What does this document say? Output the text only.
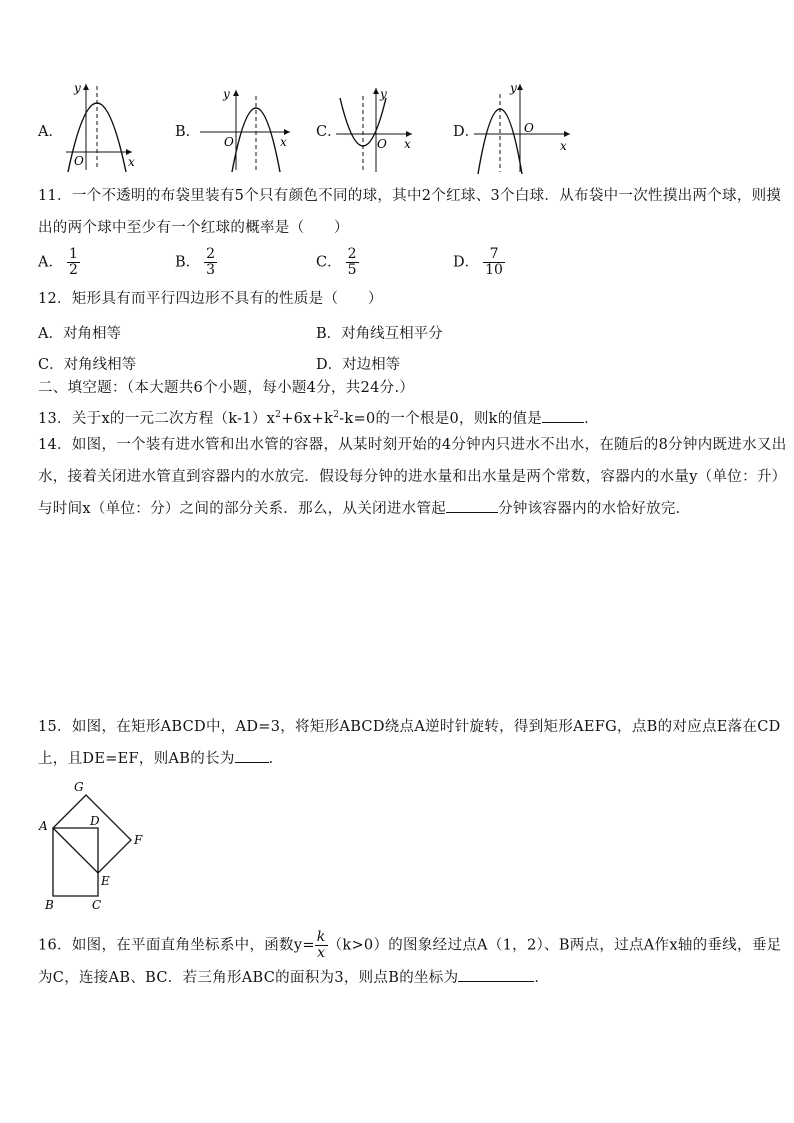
A．
y
O	x
B．
y
O	x
C．
y
O x
D．
y
O
x
11．一个不透明的布袋里装有5个只有颜色不同的球，其中2个红球、3个白球．从布袋中一次性摸出两个球，则摸
出的两个球中至少有一个红球的概率是（　　）
A． $\frac{1}{2}$	B． $\frac{2}{3}$	C． $\frac{2}{5}$	D． $\frac{7}{10}$
12．矩形具有而平行四边形不具有的性质是（　　）
A．对角相等	B．对角线互相平分
C．对角线相等	D．对边相等
二、填空题：（本大题共6个小题，每小题4分，共24分.）
13．关于x的一元二次方程$(k-1)x^2+6x+k^2-k=0$的一个根是0，则k的值是	．
14．如图，一个装有进水管和出水管的容器，从某时刻开始的4分钟内只进水不出水，在随后的8分钟内既进水又出
水，接着关闭进水管直到容器内的水放完．假设每分钟的进水量和出水量是两个常数，容器内的水量y（单位：升）
与时间x（单位：分）之间的部分关系．那么，从关闭进水管起	分钟该容器内的水恰好放完．
15．如图，在矩形ABCD中，AD=3，将矩形ABCD绕点A逆时针旋转，得到矩形AEFG，点B的对应点E落在CD
上，且DE=EF，则AB的长为 ．
G
A	D
F
E
B	C
16．如图，在平面直角坐标系中，函数$y= \frac{k}{x} (k>0)$的图象经过点A（1，2）、B两点，过点A作x轴的垂线，垂足
为C，连接AB、BC．若三角形ABC的面积为3，则点B的坐标为	．
